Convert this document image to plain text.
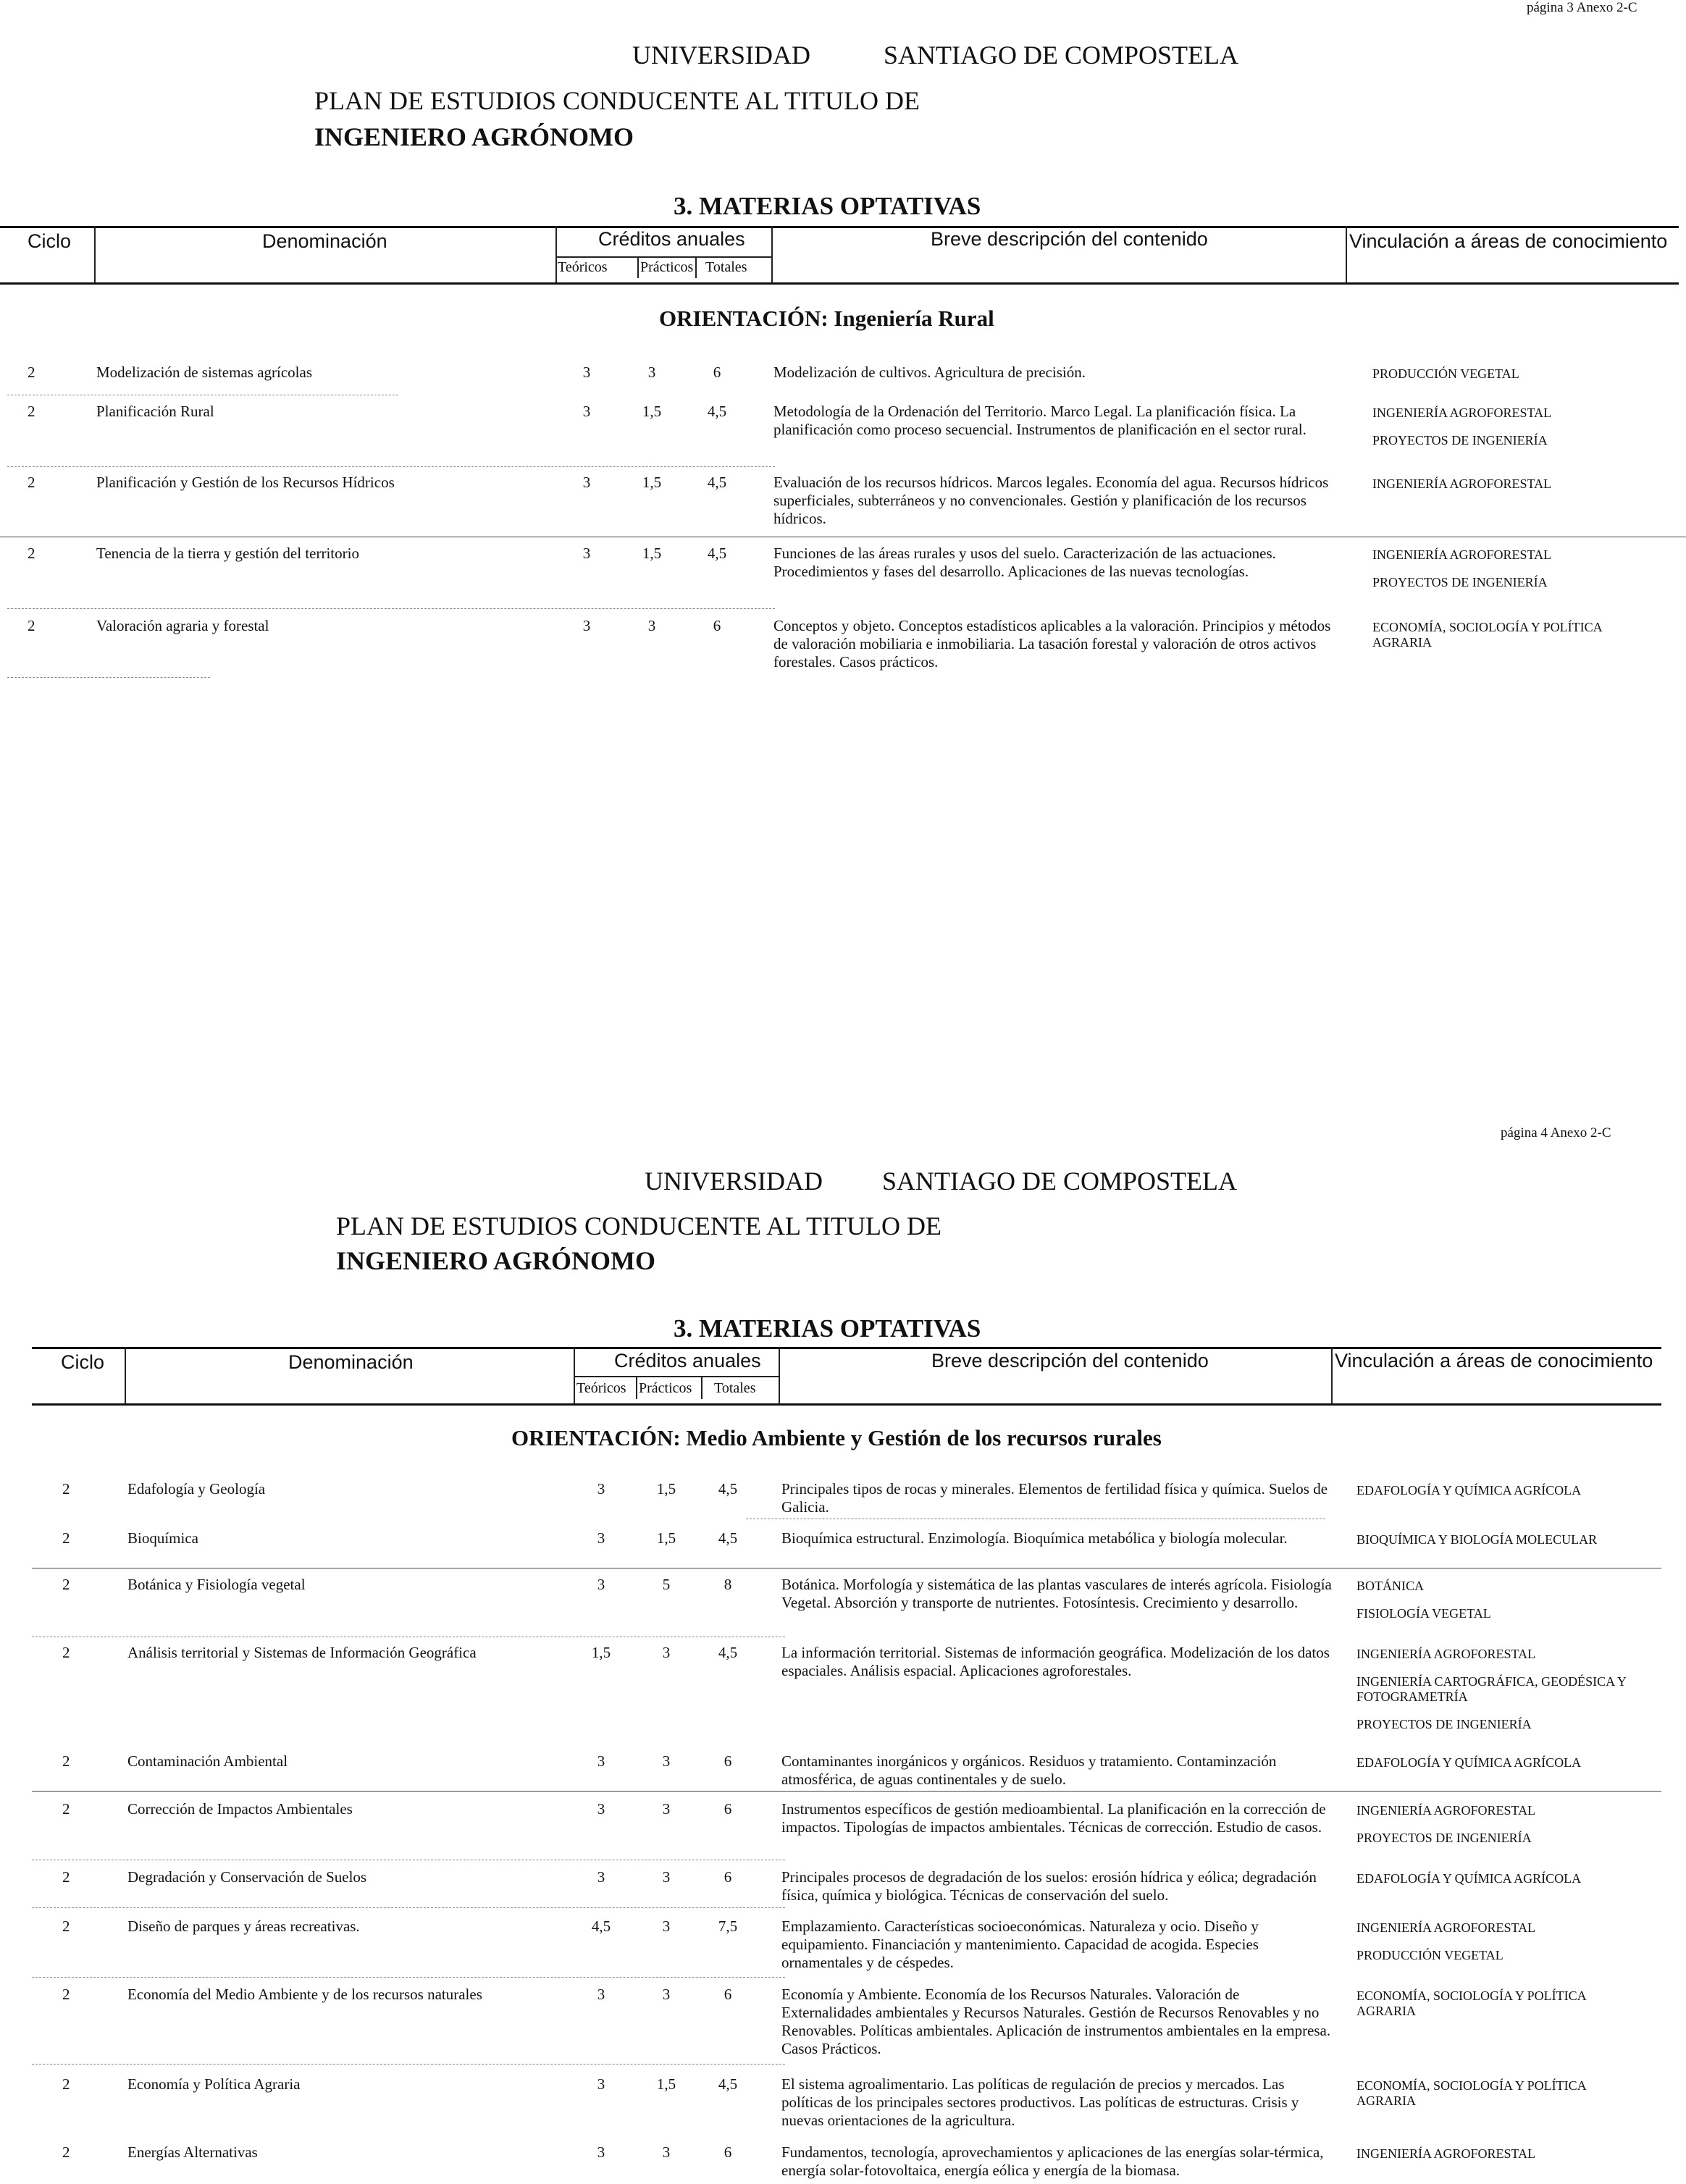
página 3 Anexo 2-C
UNIVERSIDAD	SANTIAGO DE COMPOSTELA
PLAN DE ESTUDIOS CONDUCENTE AL TITULO DE
INGENIERO AGRÓNOMO
3. MATERIAS OPTATIVAS
Ciclo	Denominación	Créditos anuales
Teóricos Prácticos Totales
Breve descripción del contenido	Vinculación a áreas de conocimiento
ORIENTACIÓN: Ingeniería Rural
2	Modelización de sistemas agrícolas	3	3	6	Modelización de cultivos. Agricultura de precisión.	PRODUCCIÓN VEGETAL
2	Planificación Rural	3	1,5	4,5	Metodología de la Ordenación del Territorio. Marco Legal. La planificación física. La planificación como proceso secuencial. Instrumentos de planificación en el sector rural.
INGENIERÍA AGROFORESTAL
PROYECTOS DE INGENIERÍA
2	Planificación y Gestión de los Recursos Hídricos	3	1,5	4,5	Evaluación de los recursos hídricos. Marcos legales. Economía del agua. Recursos hídricos superficiales, subterráneos y no convencionales. Gestión y planificación de los recursos hídricos.
INGENIERÍA AGROFORESTAL
2	Tenencia de la tierra y gestión del territorio	3	1,5	4,5	Funciones de las áreas rurales y usos del suelo. Caracterización de las actuaciones. Procedimientos y fases del desarrollo. Aplicaciones de las nuevas tecnologías.
INGENIERÍA AGROFORESTAL
PROYECTOS DE INGENIERÍA
2	Valoración agraria y forestal	3	3	6	Conceptos y objeto. Conceptos estadísticos aplicables a la valoración. Principios y métodos de valoración mobiliaria e inmobiliaria. La tasación forestal y valoración de otros activos forestales. Casos prácticos.
ECONOMÍA, SOCIOLOGÍA Y POLÍTICA AGRARIA
página 4 Anexo 2-C
UNIVERSIDAD SANTIAGO DE COMPOSTELA
PLAN DE ESTUDIOS CONDUCENTE AL TITULO DE
INGENIERO AGRÓNOMO
3. MATERIAS OPTATIVAS
Ciclo	Denominación	Créditos anuales
Teóricos Prácticos Totales
Breve descripción del contenido	Vinculación a áreas de conocimiento
ORIENTACIÓN: Medio Ambiente y Gestión de los recursos rurales
2	Edafología y Geología	3	1,5	4,5	Principales tipos de rocas y minerales. Elementos de fertilidad física y química. Suelos de Galicia.
EDAFOLOGÍA Y QUÍMICA AGRÍCOLA
2	Bioquímica	3	1,5	4,5	Bioquímica estructural. Enzimología. Bioquímica metabólica y biología molecular.	BIOQUÍMICA Y BIOLOGÍA MOLECULAR
2	Botánica y Fisiología vegetal	3	5	8	Botánica. Morfología y sistemática de las plantas vasculares de interés agrícola. Fisiología Vegetal. Absorción y transporte de nutrientes. Fotosíntesis. Crecimiento y desarrollo.
BOTÁNICA
FISIOLOGÍA VEGETAL
2	Análisis territorial y Sistemas de Información Geográfica	1,5	3	4,5	La información territorial. Sistemas de información geográfica. Modelización de los datos espaciales. Análisis espacial. Aplicaciones agroforestales.
INGENIERÍA AGROFORESTAL
INGENIERÍA CARTOGRÁFICA, GEODÉSICA Y FOTOGRAMETRÍA
PROYECTOS DE INGENIERÍA
2	Contaminación Ambiental	3	3	6	Contaminantes inorgánicos y orgánicos. Residuos y tratamiento. Contaminzación atmosférica, de aguas continentales y de suelo.
EDAFOLOGÍA Y QUÍMICA AGRÍCOLA
2	Corrección de Impactos Ambientales	3	3	6	Instrumentos específicos de gestión medioambiental. La planificación en la corrección de impactos. Tipologías de impactos ambientales. Técnicas de corrección. Estudio de casos.
INGENIERÍA AGROFORESTAL
PROYECTOS DE INGENIERÍA
2	Degradación y Conservación de Suelos	3	3	6	Principales procesos de degradación de los suelos: erosión hídrica y eólica; degradación física, química y biológica. Técnicas de conservación del suelo.
EDAFOLOGÍA Y QUÍMICA AGRÍCOLA
2	Diseño de parques y áreas recreativas.	4,5	3	7,5	Emplazamiento. Características socioeconómicas. Naturaleza y ocio. Diseño y equipamiento. Financiación y mantenimiento. Capacidad de acogida. Especies ornamentales y de céspedes.
INGENIERÍA AGROFORESTAL
PRODUCCIÓN VEGETAL
2	Economía del Medio Ambiente y de los recursos naturales	3	3	6	Economía y Ambiente. Economía de los Recursos Naturales. Valoración de Externalidades ambientales y Recursos Naturales. Gestión de Recursos Renovables y no Renovables. Políticas ambientales. Aplicación de instrumentos ambientales en la empresa. Casos Prácticos.
ECONOMÍA, SOCIOLOGÍA Y POLÍTICA AGRARIA
2	Economía y Política Agraria	3	1,5	4,5	El sistema agroalimentario. Las políticas de regulación de precios y mercados. Las políticas de los principales sectores productivos. Las políticas de estructuras. Crisis y nuevas orientaciones de la agricultura.
ECONOMÍA, SOCIOLOGÍA Y POLÍTICA AGRARIA
2	Energías Alternativas	3	3	6	Fundamentos, tecnología, aprovechamientos y aplicaciones de las energías solar-térmica, energía solar-fotovoltaica, energía eólica y energía de la biomasa.
INGENIERÍA AGROFORESTAL
